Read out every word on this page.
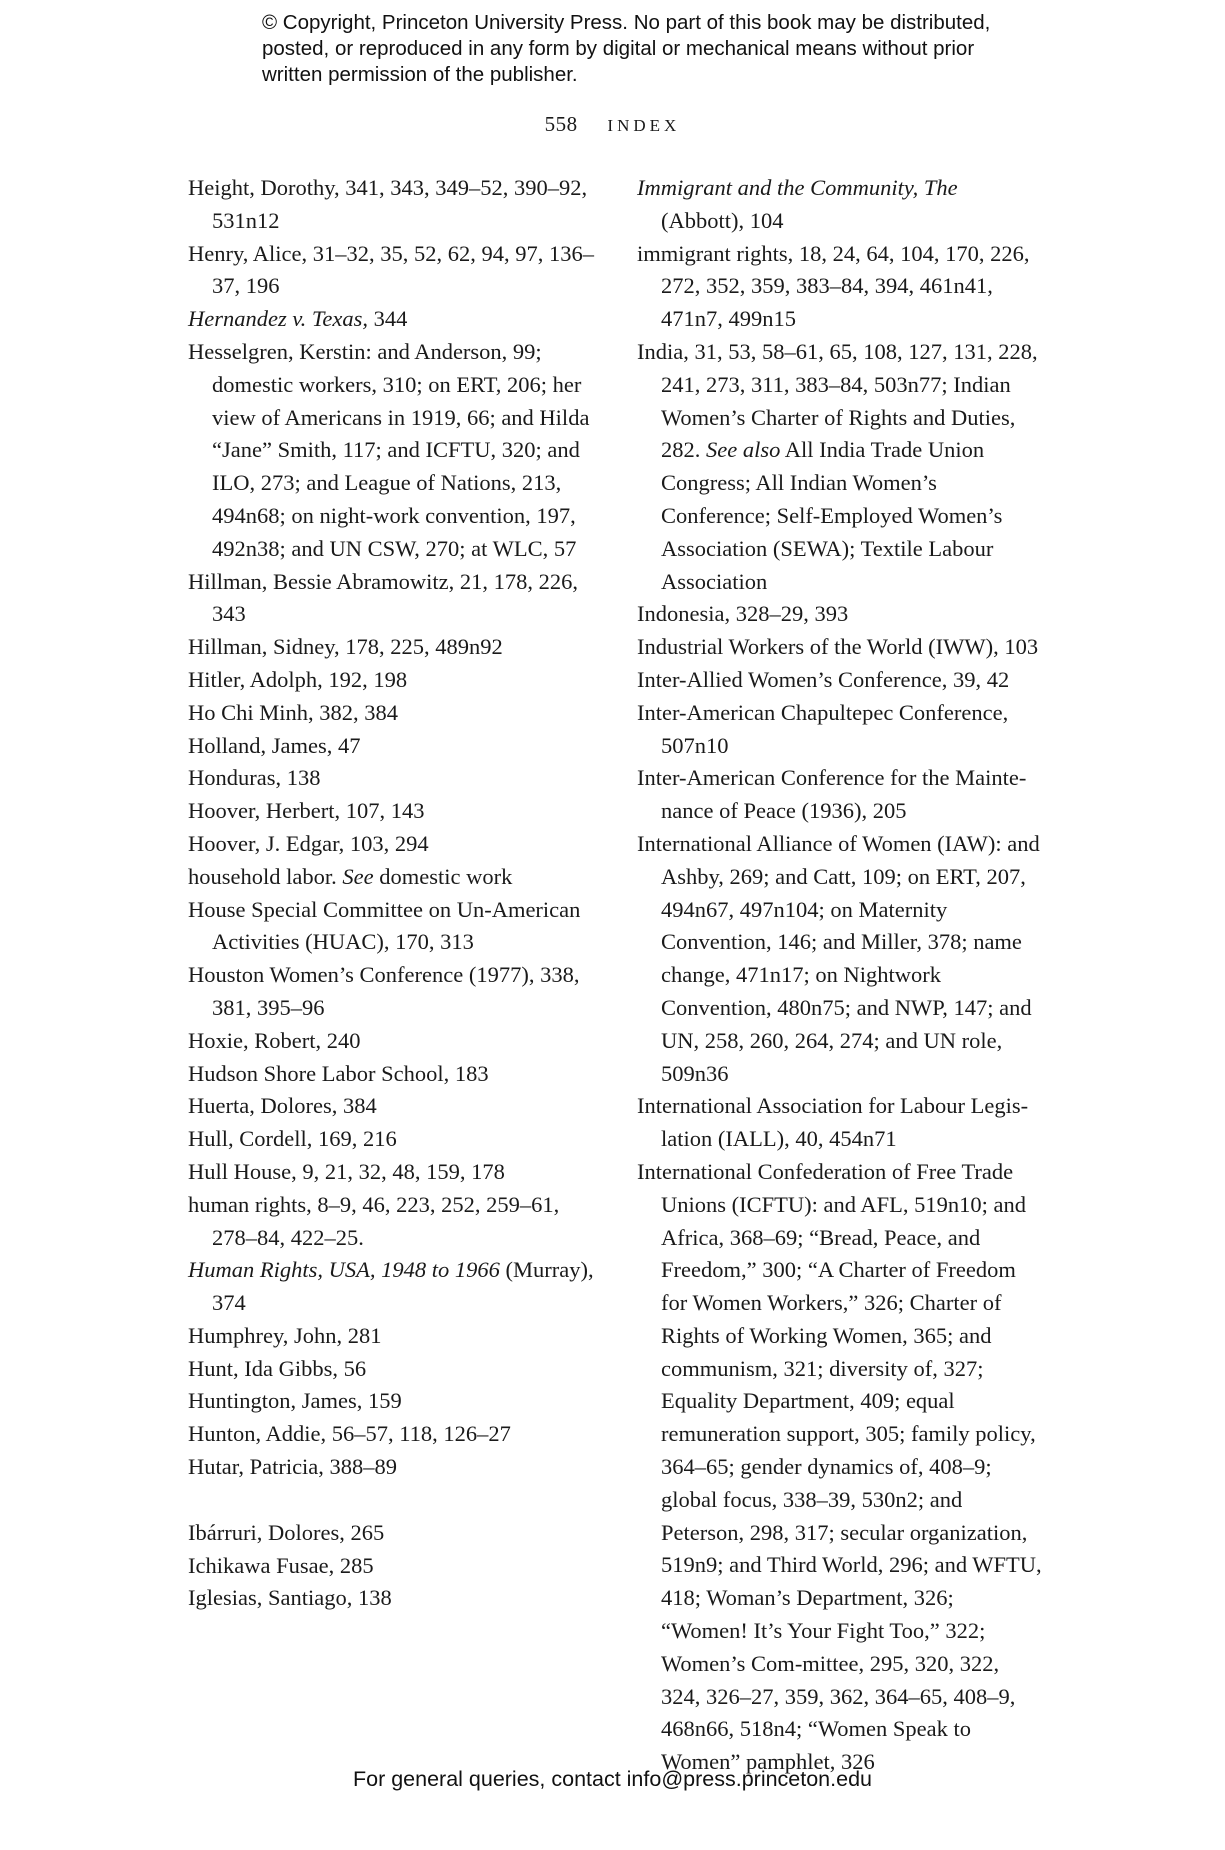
© Copyright, Princeton University Press. No part of this book may be distributed, posted, or reproduced in any form by digital or mechanical means without prior written permission of the publisher.
558 INDEX

Height, Dorothy, 341, 343, 349–52, 390–92, 531n12

Henry, Alice, 31–32, 35, 52, 62, 94, 97, 136–37, 196

Hernandez v. Texas, 344

Hesselgren, Kerstin: and Anderson, 99; domestic workers, 310; on ERT, 206; her view of Americans in 1919, 66; and Hilda “Jane” Smith, 117; and ICFTU, 320; and ILO, 273; and League of Nations, 213, 494n68; on night-work convention, 197, 492n38; and UN CSW, 270; at WLC, 57

Hillman, Bessie Abramowitz, 21, 178, 226, 343

Hillman, Sidney, 178, 225, 489n92

Hitler, Adolph, 192, 198

Ho Chi Minh, 382, 384

Holland, James, 47

Honduras, 138

Hoover, Herbert, 107, 143

Hoover, J. Edgar, 103, 294

household labor. See domestic work

House Special Committee on Un-American Activities (HUAC), 170, 313

Houston Women’s Conference (1977), 338, 381, 395–96

Hoxie, Robert, 240

Hudson Shore Labor School, 183

Huerta, Dolores, 384

Hull, Cordell, 169, 216

Hull House, 9, 21, 32, 48, 159, 178

human rights, 8–9, 46, 223, 252, 259–61, 278–84, 422–25.

Human Rights, USA, 1948 to 1966 (Murray), 374

Humphrey, John, 281

Hunt, Ida Gibbs, 56

Huntington, James, 159

Hunton, Addie, 56–57, 118, 126–27

Hutar, Patricia, 388–89

Ibárruri, Dolores, 265

Ichikawa Fusae, 285

Iglesias, Santiago, 138

Immigrant and the Community, The (Abbott), 104

immigrant rights, 18, 24, 64, 104, 170, 226, 272, 352, 359, 383–84, 394, 461n41, 471n7, 499n15

India, 31, 53, 58–61, 65, 108, 127, 131, 228, 241, 273, 311, 383–84, 503n77; Indian Women’s Charter of Rights and Duties, 282. See also All India Trade Union Congress; All Indian Women’s Conference; Self-Employed Women’s Association (SEWA); Textile Labour Association

Indonesia, 328–29, 393

Industrial Workers of the World (IWW), 103

Inter-Allied Women’s Conference, 39, 42

Inter-American Chapultepec Conference, 507n10

Inter-American Conference for the Mainte-nance of Peace (1936), 205

International Alliance of Women (IAW): and Ashby, 269; and Catt, 109; on ERT, 207, 494n67, 497n104; on Maternity Convention, 146; and Miller, 378; name change, 471n17; on Nightwork Convention, 480n75; and NWP, 147; and UN, 258, 260, 264, 274; and UN role, 509n36

International Association for Labour Legis-lation (IALL), 40, 454n71

International Confederation of Free Trade Unions (ICFTU): and AFL, 519n10; and Africa, 368–69; “Bread, Peace, and Freedom,” 300; “A Charter of Freedom for Women Workers,” 326; Charter of Rights of Working Women, 365; and communism, 321; diversity of, 327; Equality Department, 409; equal remuneration support, 305; family policy, 364–65; gender dynamics of, 408–9; global focus, 338–39, 530n2; and Peterson, 298, 317; secular organization, 519n9; and Third World, 296; and WFTU, 418; Woman’s Department, 326; “Women! It’s Your Fight Too,” 322; Women’s Com-mittee, 295, 320, 322, 324, 326–27, 359, 362, 364–65, 408–9, 468n66, 518n4; “Women Speak to Women” pamphlet, 326

For general queries, contact info@press.princeton.edu
